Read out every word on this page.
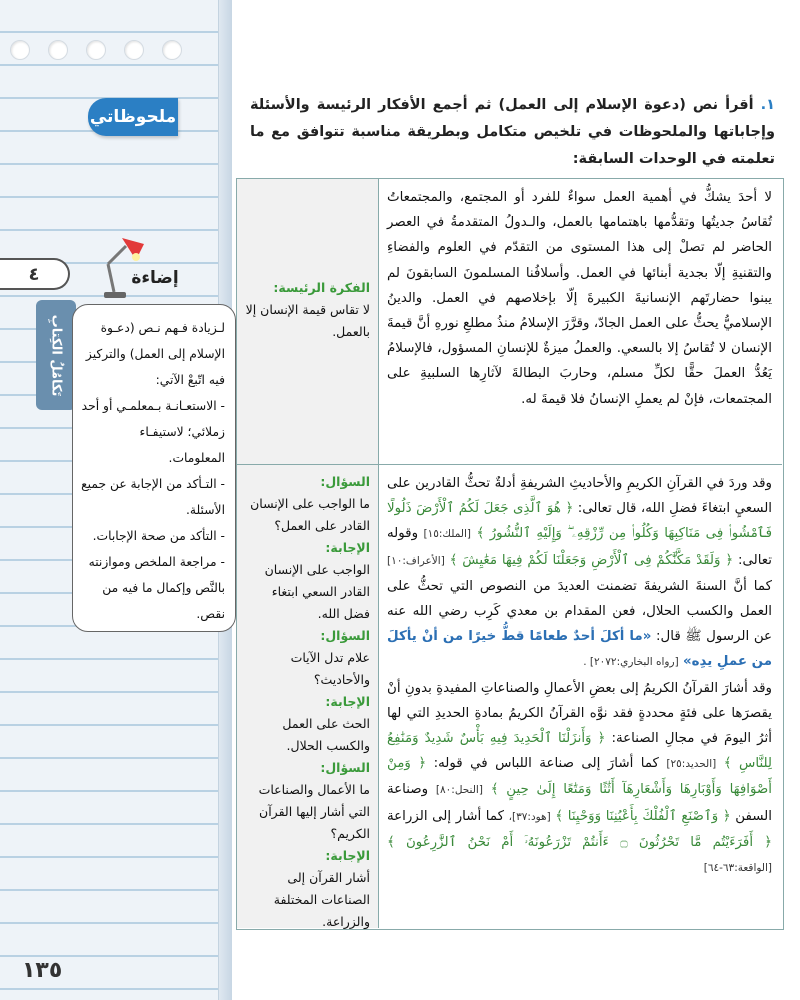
ملحوظاتي
٤
تَكامُلُ الكِتابِ
إضاءة

لـزيادة فـهم نـص (دعـوة الإسلام إلى العمل) والتركيز فيه اتّبعْ الآتي:

- الاستعـانـة بـمعلمـي أو أحد زملائي؛ لاستيفـاء المعلومات.

- التـأكد من الإجابة عن جميع الأسئلة.

- التأكد من صحة الإجابات.

- مراجعة الملخص وموازنته بالنَّص وإكمال ما فيه من نقص.

١٣٥
١. أقرأ نص (دعوة الإسلام إلى العمل) ثم أجمع الأفكار الرئيسة والأسئلة وإجاباتها والملحوظات في تلخيص متكامل وبطريقة مناسبة تتوافق مع ما تعلمته في الوحدات السابقة:
لا أحدَ يشكُّ في أهمية العمل سواءٌ للفرد أو المجتمع، والمجتمعاتُ تُقاسُ جديتُها وتقدُّمها باهتمامها بالعمل، والـدولُ المتقدمةُ في العصر الحاضر لم تصلْ إلى هذا المستوى من التقدّم في العلوم والفضاءِ والتقنيةِ إلّا بجدية أبنائها في العمل. وأسلافُنا المسلمونَ السابقونَ لم يبنوا حضارتَهم الإنسانيةَ الكبيرةَ إلّا بإخلاصهم في العمل. والدينُ الإسلاميُّ يحثُّ على العمل الجادّ، وقرَّرَ الإسلامُ منذُ مطلعِ نورهِ أنَّ قيمةَ الإنسان لا تُقاسُ إلا بالسعي. والعملُ ميزةٌ للإنسانِ المسؤول، فالإسلامُ يَعُدُّ العملَ حقًّا لكلِّ مسلم، وحاربَ البطالةَ لآثارِها السلبيةِ على المجتمعات، فإنْ لم يعملِ الإنسانُ فلا قيمةَ له.
الفكرة الرئيسة:
لا تقاس قيمة الإنسان إلا بالعمل.
وقد وردَ في القرآنِ الكريمِ والأحاديثِ الشريفةِ أدلةٌ تحثُّ القادرين على السعيِ ابتغاءَ فضلِ الله، قال تعالى: ﴿ هُوَ ٱلَّذِى جَعَلَ لَكُمُ ٱلْأَرْضَ ذَلُولًا فَٱمْشُوا۟ فِى مَنَاكِبِهَا وَكُلُوا۟ مِن رِّزْقِهِۦ ۖ وَإِلَيْهِ ٱلنُّشُورُ ﴾ [الملك:١٥] وقوله تعالى: ﴿ وَلَقَدْ مَكَّنَّٰكُمْ فِى ٱلْأَرْضِ وَجَعَلْنَا لَكُمْ فِيهَا مَعَٰيِشَ ﴾ [الأعراف:١٠] كما أنَّ السنةَ الشريفةَ تضمنت العديدَ من النصوص التي تحثُّ على العمل والكسب الحلال، فعن المقدام بن معدي كَرِب رضي الله عنه عن الرسول ﷺ قال: «ما أكلَ أحدٌ طعامًا قطُّ خيرًا من أنْ يأكلَ من عملِ يدِه» [رواه البخاري:٢٠٧٢] .
وقد أشارَ القرآنُ الكريمُ إلى بعضِ الأعمالِ والصناعاتِ المفيدةِ بدونِ أنْ يقصرَها على فئةٍ محددةٍ فقد نوَّه القرآنُ الكريمُ بمادةِ الحديدِ التي لها أثرُ اليومَ في مجالِ الصناعة: ﴿ وَأَنزَلْنَا ٱلْحَدِيدَ فِيهِ بَأْسٌ شَدِيدٌ وَمَنَٰفِعُ لِلنَّاسِ ﴾ [الحديد:٢٥] كما أشارَ إلى صناعة اللباس في قوله: ﴿ وَمِنْ أَصْوَافِهَا وَأَوْبَارِهَا وَأَشْعَارِهَآ أَثَٰثًا وَمَتَٰعًا إِلَىٰ حِينٍ ﴾ [النحل:٨٠] وصناعة السفن ﴿ وَٱصْنَعِ ٱلْفُلْكَ بِأَعْيُنِنَا وَوَحْيِنَا ﴾ [هود:٣٧]، كما أشار إلى الزراعة ﴿ أَفَرَءَيْتُم مَّا تَحْرُثُونَ ۝ ءَأَنتُمْ تَزْرَعُونَهُۥٓ أَمْ نَحْنُ ٱلزَّٰرِعُونَ ﴾ [الواقعة:٦٣-٦٤]
السؤال:
ما الواجب على الإنسان القادر على العمل؟
الإجابة:
الواجب على الإنسان القادر السعي ابتغاء فضل الله.
السؤال:
علام تدل الآيات والأحاديث؟
الإجابة:
الحث على العمل والكسب الحلال.
السؤال:
ما الأعمال والصناعات التي أشار إليها القرآن الكريم؟
الإجابة:
أشار القرآن إلى الصناعات المختلفة والزراعة.
